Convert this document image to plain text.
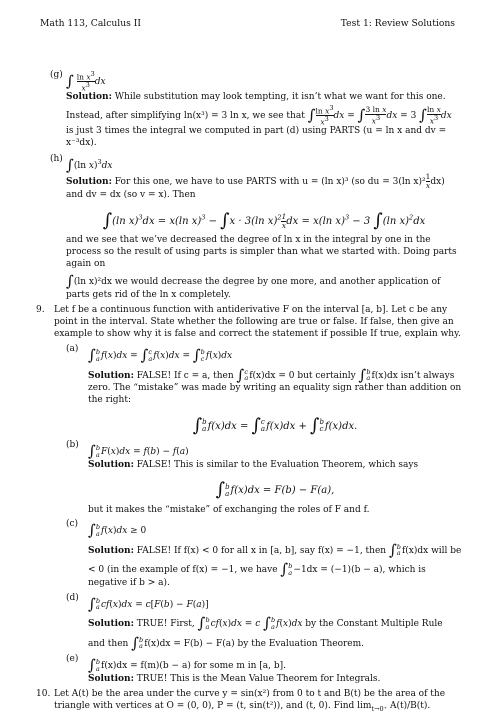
Math 113, Calculus II	Test 1: Review Solutions
(g) ∫ $\frac{\ln x^3}{x^3}$ dx
Solution: While substitution may look tempting, it isn’t what we want for this one.
Instead, after simplifying ln(x³) = 3 ln x, we see that ∫ $\frac{\ln x^3}{x^3}$ dx = ∫ $\frac{\text{3 ln x}}{x^3}$ dx = 3 ∫ $\frac{\text{ln x}}{x^3}$ dx
is just 3 times the integral we computed in part (d) using PARTS (u = ln x and dv = x⁻³dx).
(h) ∫(ln x)$^3$dx
Solution: For this one, we have to use PARTS with u = (ln x)³ (so du = 3(ln $x)^2 \frac{1}{x} dx$)
and dv = dx (so v = x). Then
∫(ln x)$^3$dx = x(ln x)$^3$ − ∫x · 3(ln $x)^2 \frac{1}{x}$ dx = x(ln x)$^3$ − 3 ∫(ln x)$^2$dx
and we see that we’ve decreased the degree of ln x in the integral by one in the process so the result of using parts is simpler than what we started with. Doing parts again on
∫(ln x)²dx we would decrease the degree by one more, and another application of parts gets rid of the ln x completely.
9. Let f be a continuous function with antiderivative F on the interval [a, b]. Let c be any point in the interval. State whether the following are true or false. If false, then give an example to show why it is false and correct the statement if possible If true, explain why.
(a) ∫ b
a f(x)dx = ∫ c
a f(x)dx = ∫ b
c f(x)dx
Solution: FALSE! If c = a, then ∫ c
a f(x)dx = 0 but certainly ∫ b
a f(x)dx isn’t always zero. The “mistake” was made by writing an equality sign rather than addition on the right:
∫ b
a f(x)dx = ∫ c
a f(x)dx + ∫ b
c f(x)dx.
(b) ∫ b
a F(x)dx = f(b) − f(a)
Solution: FALSE! This is similar to the Evaluation Theorem, which says
∫ b
a f(x)dx = F(b) − F(a),
but it makes the “mistake” of exchanging the roles of F and f.
(c) ∫ b
a f(x)dx ≥ 0
Solution: FALSE! If f(x) < 0 for all x in [a, b], say f(x) = −1, then ∫ b
a f(x)dx will be < 0 (in the example of f(x) = −1, we have ∫ b
a −1dx = (−1)(b − a), which is negative if b > a).
(d) ∫ b
a cf(x)dx = c[F(b) − F(a)]
Solution: TRUE! First, ∫ b
a cf(x)dx = c ∫ b
a f(x)dx by the Constant Multiple Rule and then ∫ b
a f(x)dx = F(b) − F(a) by the Evaluation Theorem.
(e) ∫ b
a f(x)dx = f(m)(b − a) for some m in [a, b].
Solution: TRUE! This is the Mean Value Theorem for Integrals.
10. Let A(t) be the area under the curve y = sin(x²) from 0 to t and B(t) be the area of the triangle with vertices at O = (0, 0), P = (t, sin(t²)), and (t, 0). Find $\lim_{t\to 0^+} A(t)/B(t)$.
